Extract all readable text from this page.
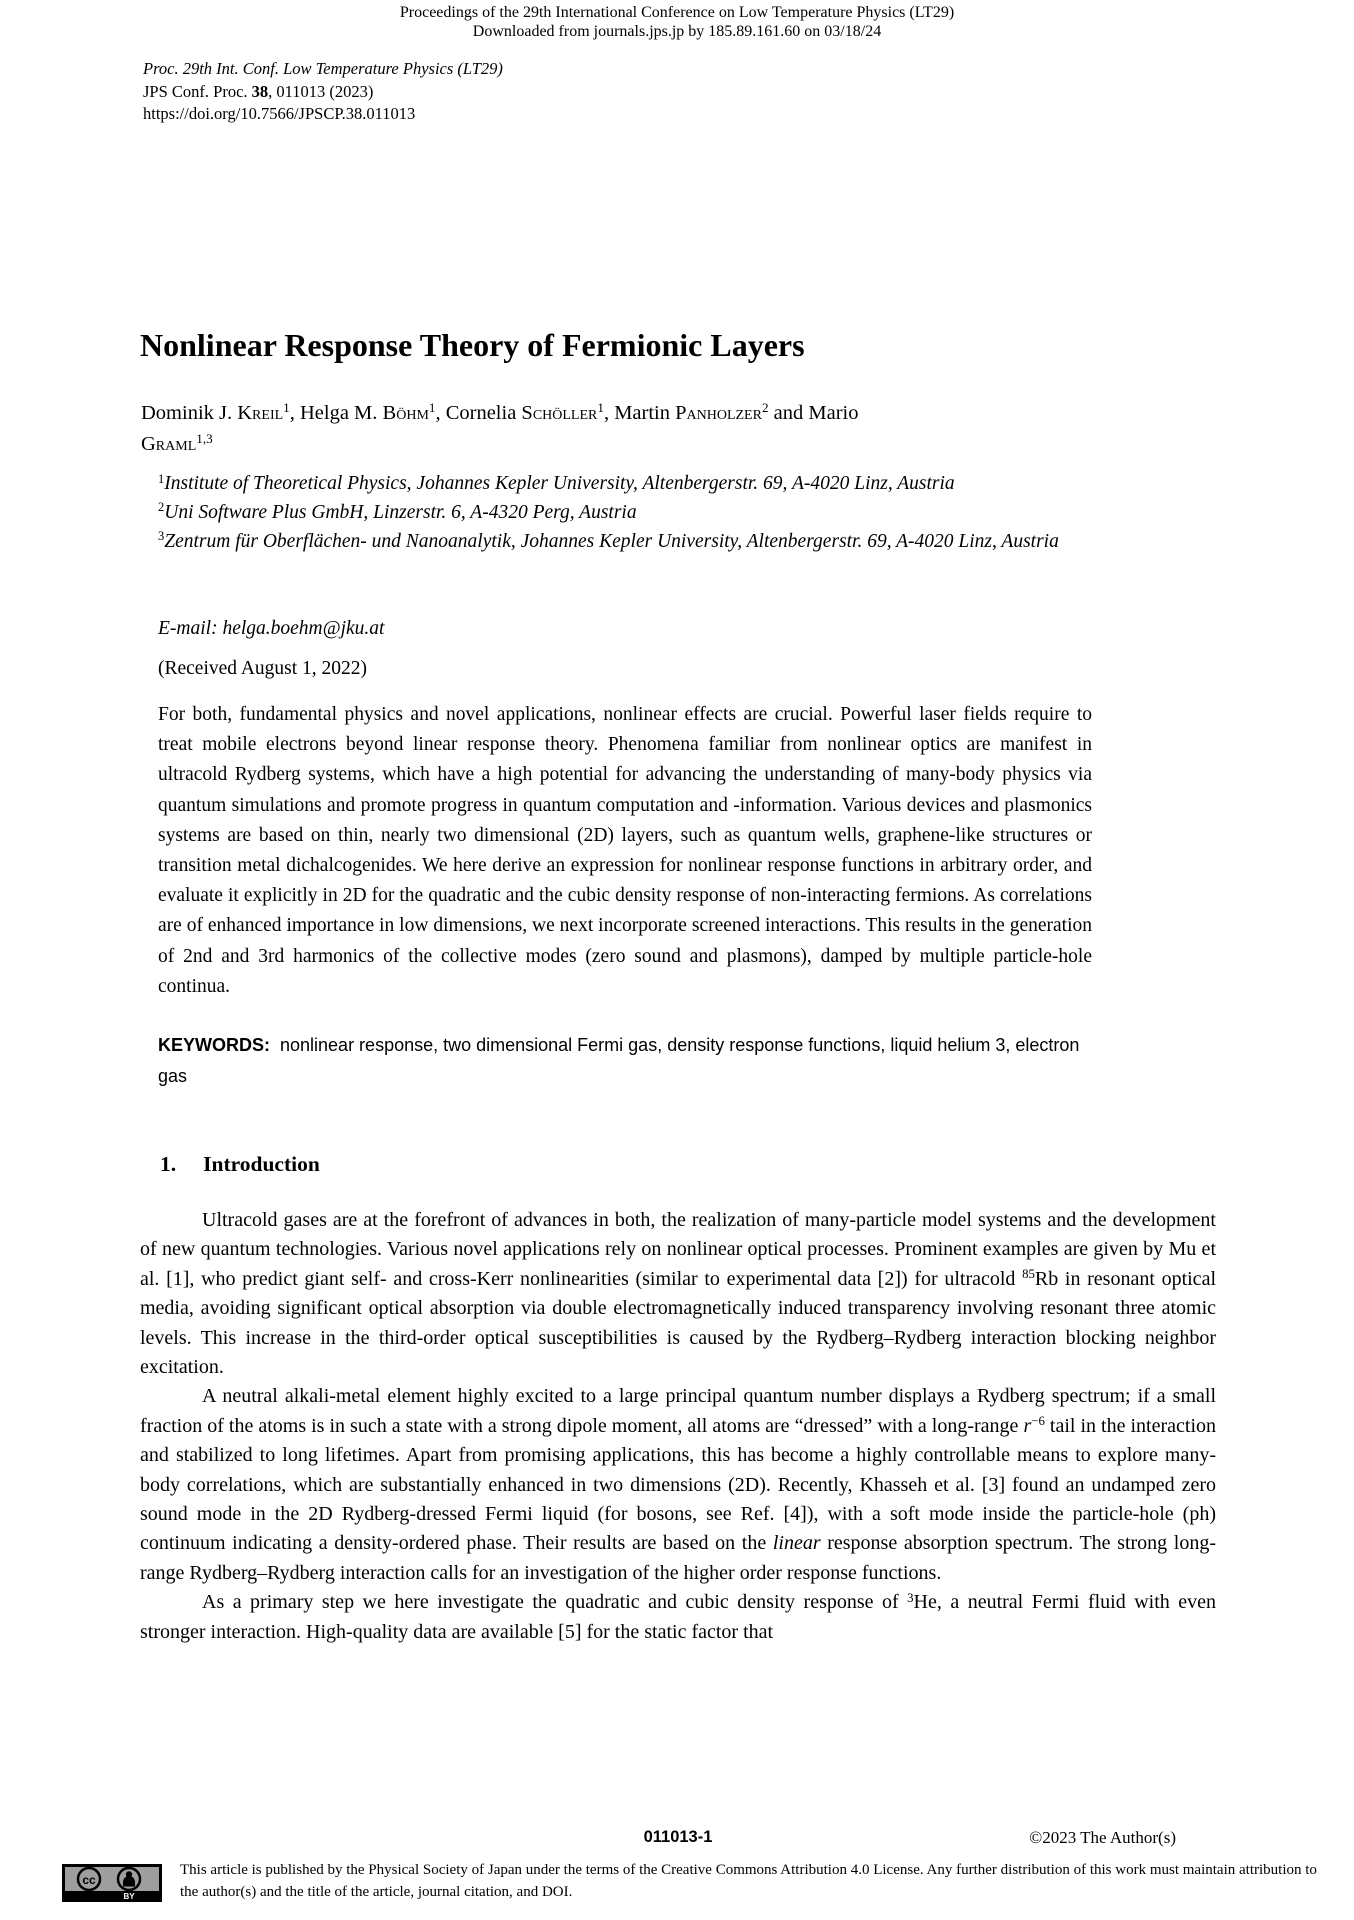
Proceedings of the 29th International Conference on Low Temperature Physics (LT29)
Downloaded from journals.jps.jp by 185.89.161.60 on 03/18/24
Proc. 29th Int. Conf. Low Temperature Physics (LT29)
JPS Conf. Proc. 38, 011013 (2023)
https://doi.org/10.7566/JPSCP.38.011013
Nonlinear Response Theory of Fermionic Layers
Dominik J. Kreil$^1$, Helga M. Böhm$^1$, Cornelia Schöller$^1$, Martin Panholzer$^2$ and Mario
Graml$^{1,3}$
$^1$Institute of Theoretical Physics, Johannes Kepler University, Altenbergerstr. 69, A-4020 Linz, Austria
$^2$Uni Software Plus GmbH, Linzerstr. 6, A-4320 Perg, Austria
$^3$Zentrum für Oberflächen- und Nanoanalytik, Johannes Kepler University, Altenbergerstr. 69, A-4020 Linz, Austria
E-mail: helga.boehm@jku.at
(Received August 1, 2022)
For both, fundamental physics and novel applications, nonlinear effects are crucial. Powerful laser fields require to treat mobile electrons beyond linear response theory. Phenomena familiar from nonlinear optics are manifest in ultracold Rydberg systems, which have a high potential for advancing the understanding of many-body physics via quantum simulations and promote progress in quantum computation and -information. Various devices and plasmonics systems are based on thin, nearly two dimensional (2D) layers, such as quantum wells, graphene-like structures or transition metal dichalcogenides. We here derive an expression for nonlinear response functions in arbitrary order, and evaluate it explicitly in 2D for the quadratic and the cubic density response of non-interacting fermions. As correlations are of enhanced importance in low dimensions, we next incorporate screened interactions. This results in the generation of 2nd and 3rd harmonics of the collective modes (zero sound and plasmons), damped by multiple particle-hole continua.
KEYWORDS: nonlinear response, two dimensional Fermi gas, density response functions, liquid helium 3, electron gas
1. Introduction

Ultracold gases are at the forefront of advances in both, the realization of many-particle model systems and the development of new quantum technologies. Various novel applications rely on nonlinear optical processes. Prominent examples are given by Mu et al. [1], who predict giant self- and cross-Kerr nonlinearities (similar to experimental data [2]) for ultracold $^{85}$Rb in resonant optical media, avoiding significant optical absorption via double electromagnetically induced transparency involving resonant three atomic levels. This increase in the third-order optical susceptibilities is caused by the Rydberg–Rydberg interaction blocking neighbor excitation.

A neutral alkali-metal element highly excited to a large principal quantum number displays a Rydberg spectrum; if a small fraction of the atoms is in such a state with a strong dipole moment, all atoms are “dressed” with a long-range $r^{-6}$ tail in the interaction and stabilized to long lifetimes. Apart from promising applications, this has become a highly controllable means to explore many-body correlations, which are substantially enhanced in two dimensions (2D). Recently, Khasseh et al. [3] found an undamped zero sound mode in the 2D Rydberg-dressed Fermi liquid (for bosons, see Ref. [4]), with a soft mode inside the particle-hole (ph) continuum indicating a density-ordered phase. Their results are based on the linear response absorption spectrum. The strong long-range Rydberg–Rydberg interaction calls for an investigation of the higher order response functions.

As a primary step we here investigate the quadratic and cubic density response of $^3$He, a neutral Fermi fluid with even stronger interaction. High-quality data are available [5] for the static factor that

011013-1	©2023 The Author(s)
cc
BY

This article is published by the Physical Society of Japan under the terms of the Creative Commons Attribution 4.0 License. Any further distribution of this work must maintain attribution to the author(s) and the title of the article, journal citation, and DOI.
